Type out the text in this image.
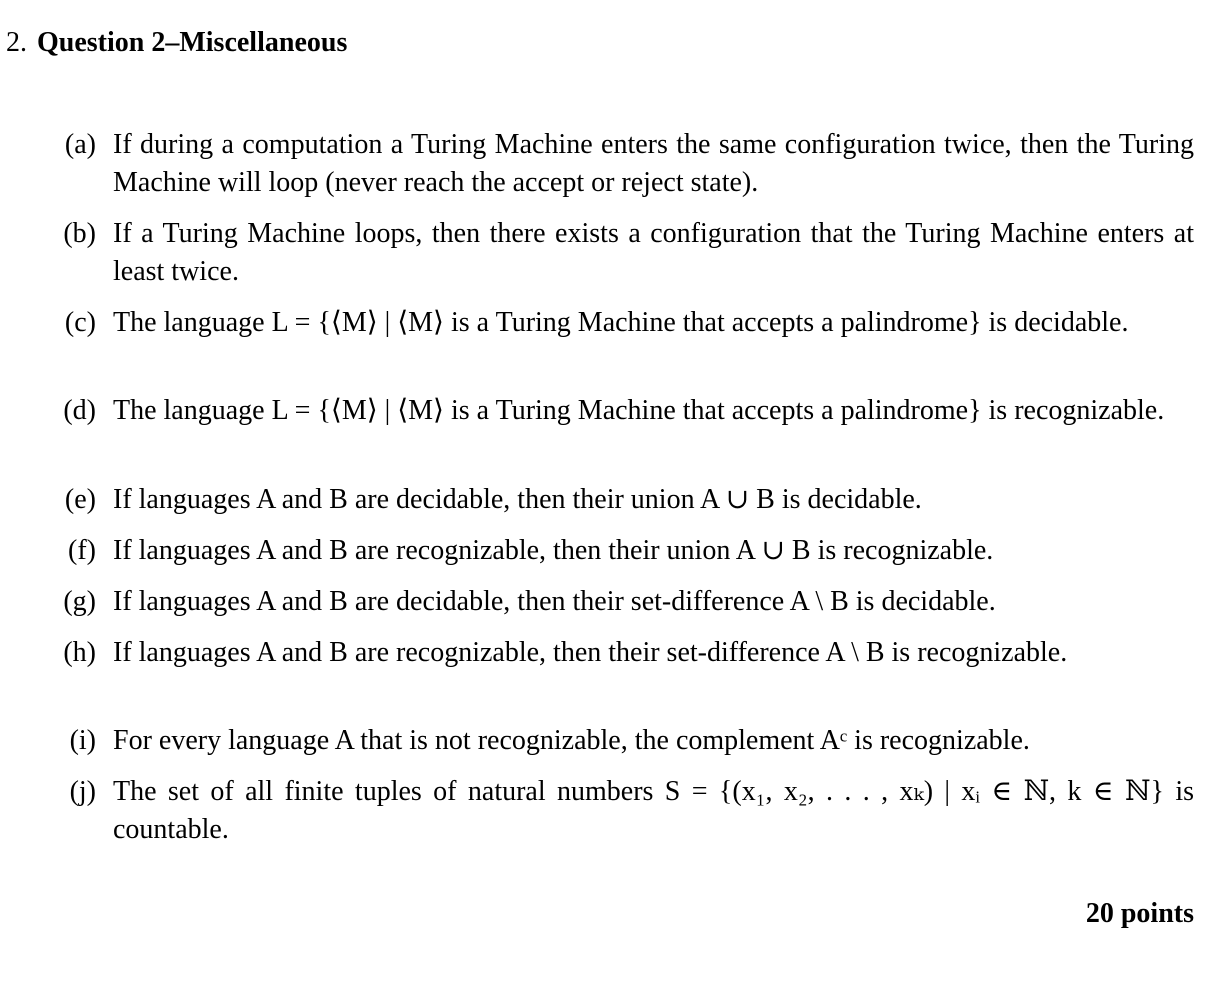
2. Question 2–Miscellaneous
(a) If during a computation a Turing Machine enters the same configuration twice, then the Turing Machine will loop (never reach the accept or reject state).
(b) If a Turing Machine loops, then there exists a configuration that the Turing Machine enters at least twice.
(c) The language L = {⟨M⟩ | ⟨M⟩ is a Turing Machine that accepts a palindrome} is decidable.
(d) The language L = {⟨M⟩ | ⟨M⟩ is a Turing Machine that accepts a palindrome} is recognizable.
(e) If languages A and B are decidable, then their union A ∪ B is decidable.
(f) If languages A and B are recognizable, then their union A ∪ B is recognizable.
(g) If languages A and B are decidable, then their set-difference A \ B is decidable.
(h) If languages A and B are recognizable, then their set-difference A \ B is recognizable.
(i) For every language A that is not recognizable, the complement Aᶜ is recognizable.
(j) The set of all finite tuples of natural numbers S = {(x₁, x₂, . . . , xₖ) | xᵢ ∈ ℕ, k ∈ ℕ} is countable.
20 points
